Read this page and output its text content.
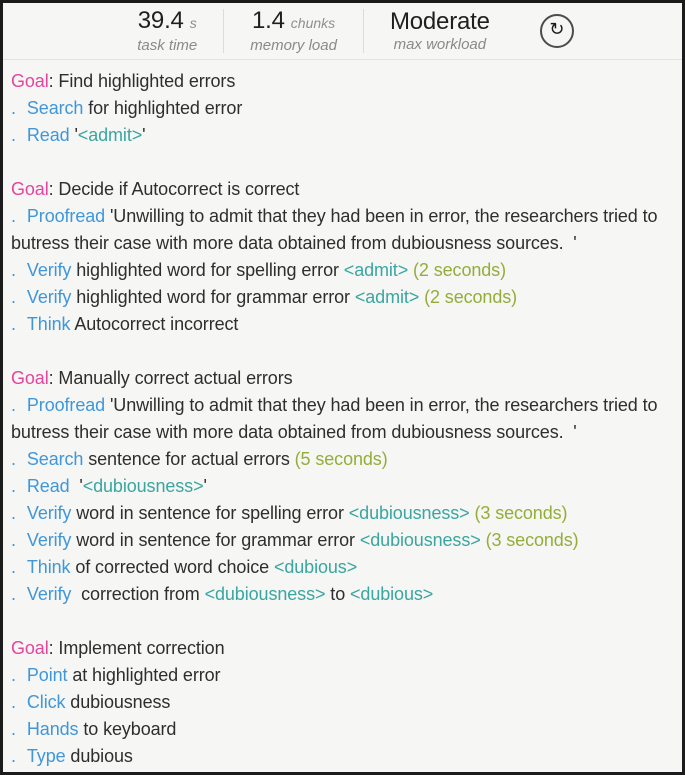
39.4 s
task time
1.4 chunks
memory load
Moderate
max workload
↻
Goal: Find highlighted errors
. Search for highlighted error
. Read '<admit>'
Goal: Decide if Autocorrect is correct
. Proofread 'Unwilling to admit that they had been in error, the researchers tried to butress their case with more data obtained from dubiousness sources.  '
. Verify highlighted word for spelling error <admit> (2 seconds)
. Verify highlighted word for grammar error <admit> (2 seconds)
. Think Autocorrect incorrect
Goal: Manually correct actual errors
. Proofread 'Unwilling to admit that they had been in error, the researchers tried to butress their case with more data obtained from dubiousness sources.  '
. Search sentence for actual errors (5 seconds)
. Read  '<dubiousness>'
. Verify word in sentence for spelling error <dubiousness> (3 seconds)
. Verify word in sentence for grammar error <dubiousness> (3 seconds)
. Think of corrected word choice <dubious>
. Verify  correction from <dubiousness> to <dubious>
Goal: Implement correction
. Point at highlighted error
. Click dubiousness
. Hands to keyboard
. Type dubious
